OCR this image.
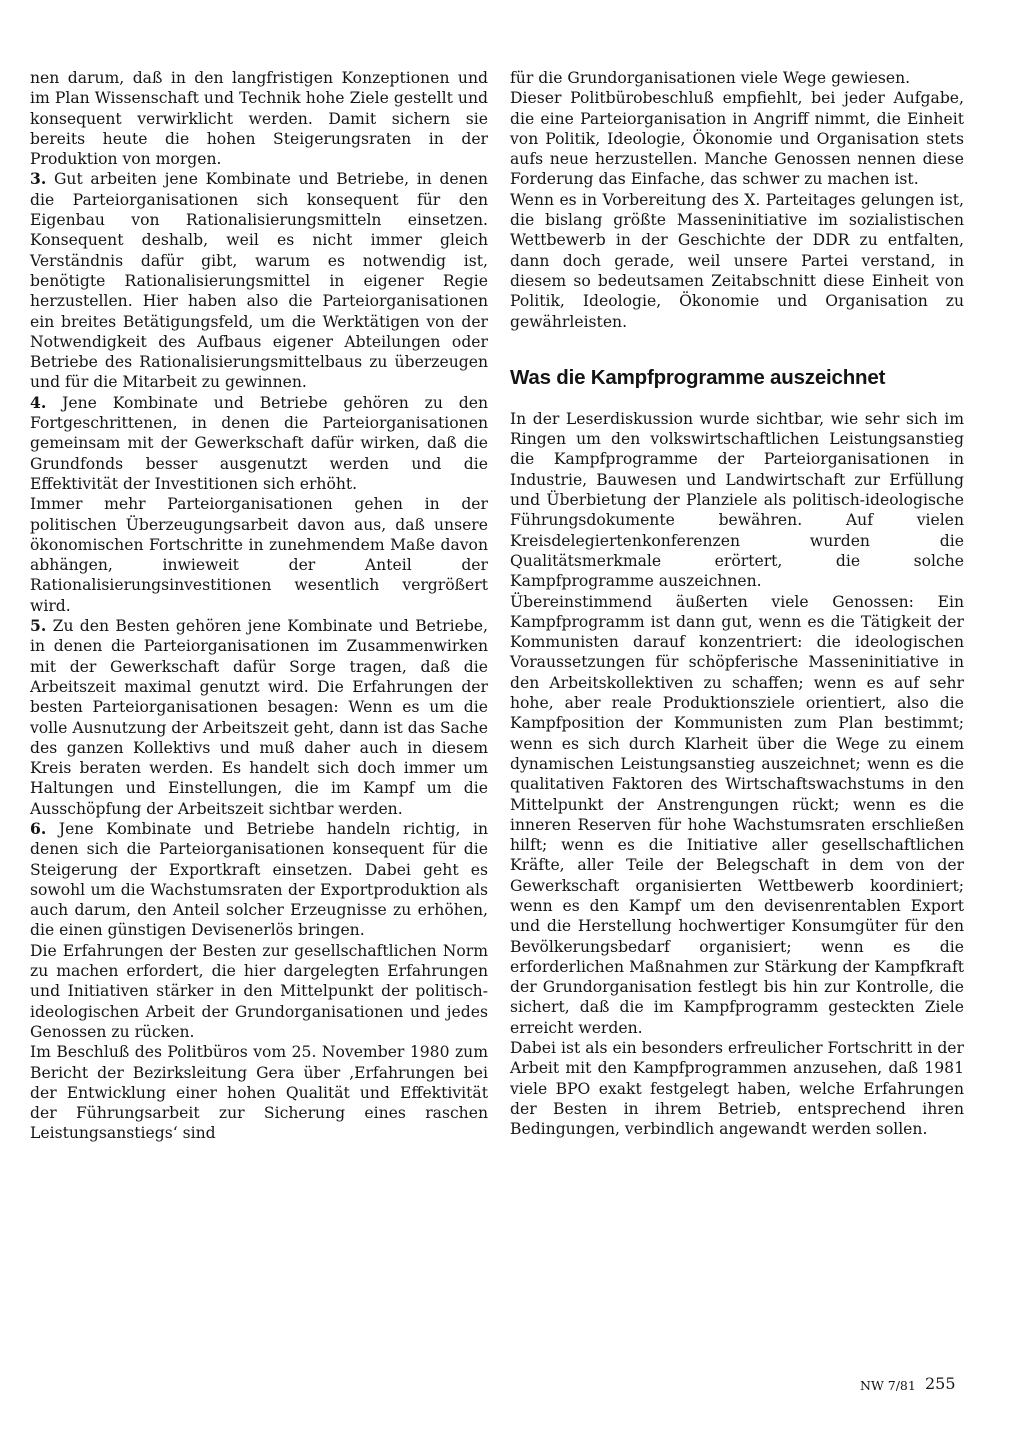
nen darum, daß in den langfristigen Konzeptionen und im Plan Wissenschaft und Technik hohe Ziele gestellt und konsequent verwirklicht werden. Damit sichern sie bereits heute die hohen Steigerungsraten in der Produktion von morgen.

3. Gut arbeiten jene Kombinate und Betriebe, in denen die Parteiorganisationen sich konsequent für den Eigenbau von Rationalisierungsmitteln einsetzen. Konsequent deshalb, weil es nicht immer gleich Verständnis dafür gibt, warum es notwendig ist, benötigte Rationalisierungsmittel in eigener Regie herzustellen. Hier haben also die Parteiorganisationen ein breites Betätigungsfeld, um die Werktätigen von der Notwendigkeit des Aufbaus eigener Abteilungen oder Betriebe des Rationalisierungsmittelbaus zu überzeugen und für die Mitarbeit zu gewinnen.

4. Jene Kombinate und Betriebe gehören zu den Fortgeschrittenen, in denen die Parteiorganisationen gemeinsam mit der Gewerkschaft dafür wirken, daß die Grundfonds besser ausgenutzt werden und die Effektivität der Investitionen sich erhöht.

Immer mehr Parteiorganisationen gehen in der politischen Überzeugungsarbeit davon aus, daß unsere ökonomischen Fortschritte in zunehmendem Maße davon abhängen, inwieweit der Anteil der Rationalisierungsinvestitionen wesentlich vergrößert wird.

5. Zu den Besten gehören jene Kombinate und Betriebe, in denen die Parteiorganisationen im Zusammenwirken mit der Gewerkschaft dafür Sorge tragen, daß die Arbeitszeit maximal genutzt wird. Die Erfahrungen der besten Parteiorganisationen besagen: Wenn es um die volle Ausnutzung der Arbeitszeit geht, dann ist das Sache des ganzen Kollektivs und muß daher auch in diesem Kreis beraten werden. Es handelt sich doch immer um Haltungen und Einstellungen, die im Kampf um die Ausschöpfung der Arbeitszeit sichtbar werden.

6. Jene Kombinate und Betriebe handeln richtig, in denen sich die Parteiorganisationen konsequent für die Steigerung der Exportkraft einsetzen. Dabei geht es sowohl um die Wachstumsraten der Exportproduktion als auch darum, den Anteil solcher Erzeugnisse zu erhöhen, die einen günstigen Devisenerlös bringen.

Die Erfahrungen der Besten zur gesellschaftlichen Norm zu machen erfordert, die hier dargelegten Erfahrungen und Initiativen stärker in den Mittelpunkt der politisch-ideologischen Arbeit der Grundorganisationen und jedes Genossen zu rücken.

Im Beschluß des Politbüros vom 25. November 1980 zum Bericht der Bezirksleitung Gera über ‚Erfahrungen bei der Entwicklung einer hohen Qualität und Effektivität der Führungsarbeit zur Sicherung eines raschen Leistungsanstiegs‘ sind

für die Grundorganisationen viele Wege gewiesen.

Dieser Politbürobeschluß empfiehlt, bei jeder Aufgabe, die eine Parteiorganisation in Angriff nimmt, die Einheit von Politik, Ideologie, Ökonomie und Organisation stets aufs neue herzustellen. Manche Genossen nennen diese Forderung das Einfache, das schwer zu machen ist.

Wenn es in Vorbereitung des X. Parteitages gelungen ist, die bislang größte Masseninitiative im sozialistischen Wettbewerb in der Geschichte der DDR zu entfalten, dann doch gerade, weil unsere Partei verstand, in diesem so bedeutsamen Zeitabschnitt diese Einheit von Politik, Ideologie, Ökonomie und Organisation zu gewährleisten.

Was die Kampfprogramme auszeichnet

In der Leserdiskussion wurde sichtbar, wie sehr sich im Ringen um den volkswirtschaftlichen Leistungsanstieg die Kampfprogramme der Parteiorganisationen in Industrie, Bauwesen und Landwirtschaft zur Erfüllung und Überbietung der Planziele als politisch-ideologische Führungsdokumente bewähren. Auf vielen Kreisdelegiertenkonferenzen wurden die Qualitätsmerkmale erörtert, die solche Kampfprogramme auszeichnen.

Übereinstimmend äußerten viele Genossen: Ein Kampfprogramm ist dann gut, wenn es die Tätigkeit der Kommunisten darauf konzentriert: die ideologischen Voraussetzungen für schöpferische Masseninitiative in den Arbeitskollektiven zu schaffen; wenn es auf sehr hohe, aber reale Produktionsziele orientiert, also die Kampfposition der Kommunisten zum Plan bestimmt; wenn es sich durch Klarheit über die Wege zu einem dynamischen Leistungsanstieg auszeichnet; wenn es die qualitativen Faktoren des Wirtschaftswachstums in den Mittelpunkt der Anstrengungen rückt; wenn es die inneren Reserven für hohe Wachstumsraten erschließen hilft; wenn es die Initiative aller gesellschaftlichen Kräfte, aller Teile der Belegschaft in dem von der Gewerkschaft organisierten Wettbewerb koordiniert; wenn es den Kampf um den devisenrentablen Export und die Herstellung hochwertiger Konsumgüter für den Bevölkerungsbedarf organisiert; wenn es die erforderlichen Maßnahmen zur Stärkung der Kampfkraft der Grundorganisation festlegt bis hin zur Kontrolle, die sichert, daß die im Kampfprogramm gesteckten Ziele erreicht werden.

Dabei ist als ein besonders erfreulicher Fortschritt in der Arbeit mit den Kampfprogrammen anzusehen, daß 1981 viele BPO exakt festgelegt haben, welche Erfahrungen der Besten in ihrem Betrieb, entsprechend ihren Bedingungen, verbindlich angewandt werden sollen.

NW 7/81 255
